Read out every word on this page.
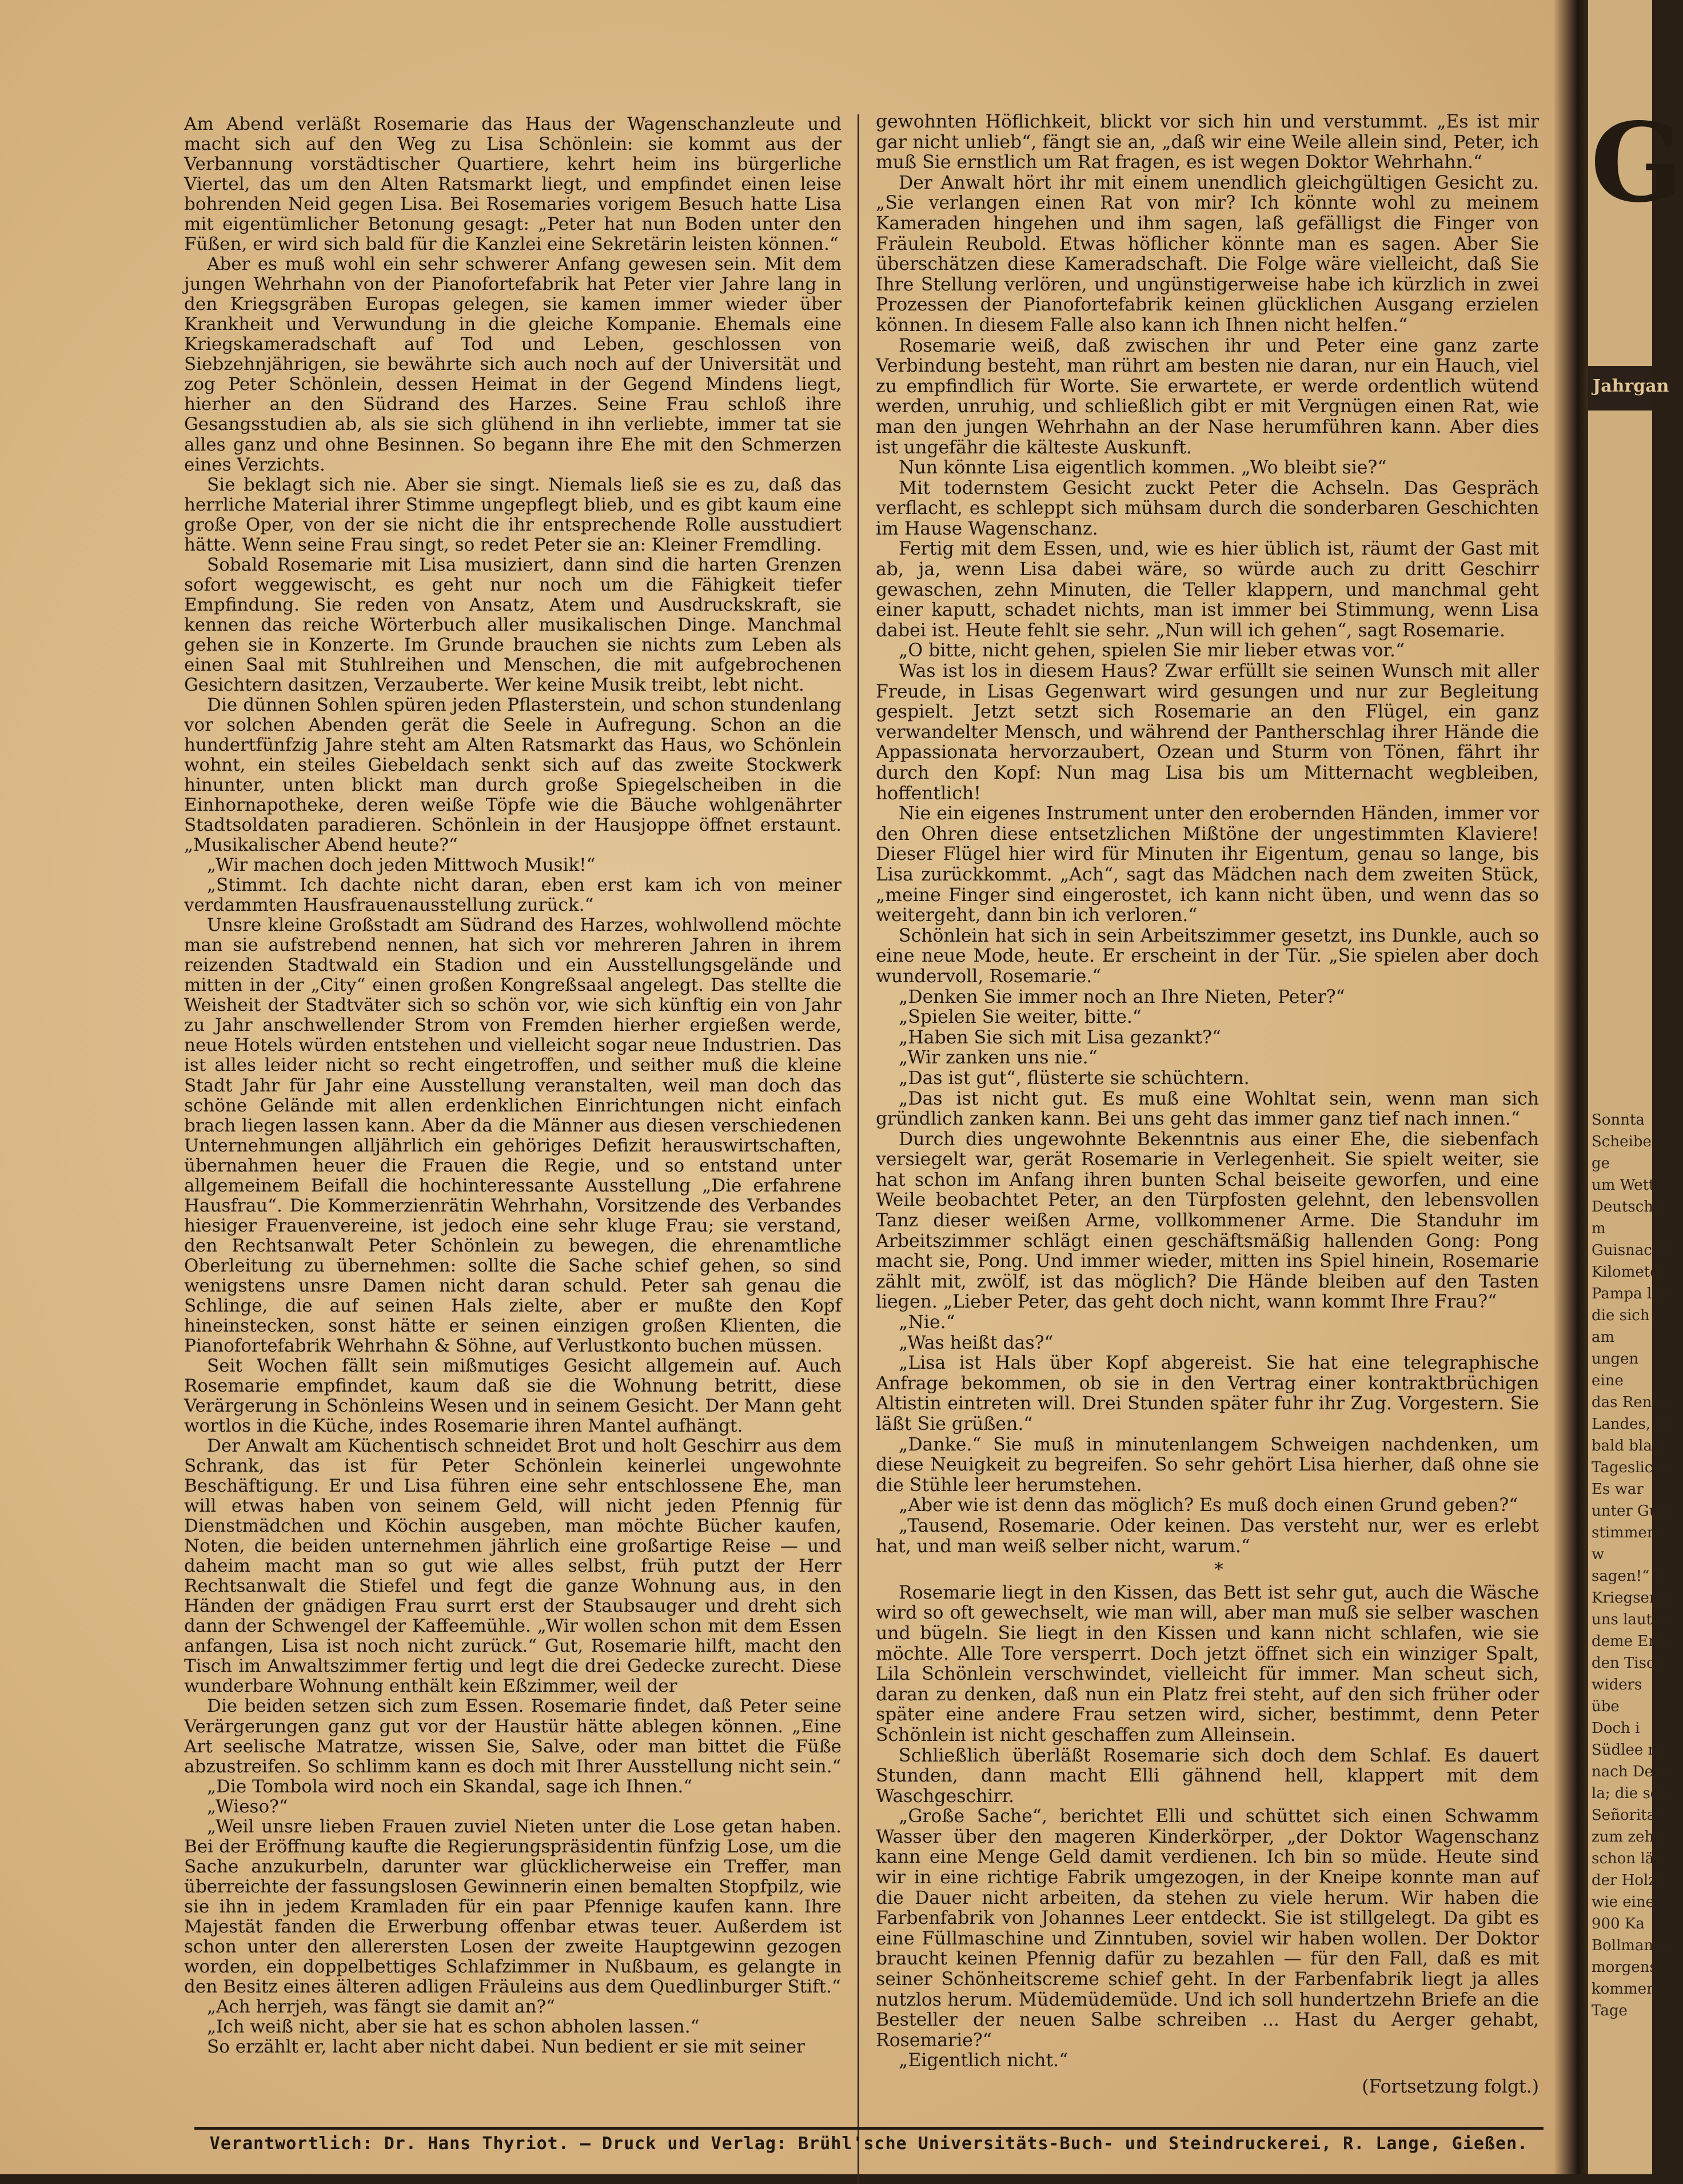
Am Abend verläßt Rosemarie das Haus der Wagenschanzleute und macht sich auf den Weg zu Lisa Schönlein: sie kommt aus der Verbannung vorstädtischer Quartiere, kehrt heim ins bürgerliche Viertel, das um den Alten Ratsmarkt liegt, und empfindet einen leise bohrenden Neid gegen Lisa. Bei Rosemaries vorigem Besuch hatte Lisa mit eigentümlicher Betonung gesagt: „Peter hat nun Boden unter den Füßen, er wird sich bald für die Kanzlei eine Sekretärin leisten können.“

Aber es muß wohl ein sehr schwerer Anfang gewesen sein. Mit dem jungen Wehrhahn von der Pianofortefabrik hat Peter vier Jahre lang in den Kriegsgräben Europas gelegen, sie kamen immer wieder über Krankheit und Verwundung in die gleiche Kompanie. Ehemals eine Kriegskameradschaft auf Tod und Leben, geschlossen von Siebzehnjährigen, sie bewährte sich auch noch auf der Universität und zog Peter Schönlein, dessen Heimat in der Gegend Mindens liegt, hierher an den Südrand des Harzes. Seine Frau schloß ihre Gesangsstudien ab, als sie sich glühend in ihn verliebte, immer tat sie alles ganz und ohne Besinnen. So begann ihre Ehe mit den Schmerzen eines Verzichts.

Sie beklagt sich nie. Aber sie singt. Niemals ließ sie es zu, daß das herrliche Material ihrer Stimme ungepflegt blieb, und es gibt kaum eine große Oper, von der sie nicht die ihr entsprechende Rolle ausstudiert hätte. Wenn seine Frau singt, so redet Peter sie an: Kleiner Fremdling.

Sobald Rosemarie mit Lisa musiziert, dann sind die harten Grenzen sofort weggewischt, es geht nur noch um die Fähigkeit tiefer Empfindung. Sie reden von Ansatz, Atem und Ausdruckskraft, sie kennen das reiche Wörterbuch aller musikalischen Dinge. Manchmal gehen sie in Konzerte. Im Grunde brauchen sie nichts zum Leben als einen Saal mit Stuhlreihen und Menschen, die mit aufgebrochenen Gesichtern dasitzen, Verzauberte. Wer keine Musik treibt, lebt nicht.

Die dünnen Sohlen spüren jeden Pflasterstein, und schon stundenlang vor solchen Abenden gerät die Seele in Aufregung. Schon an die hundertfünfzig Jahre steht am Alten Ratsmarkt das Haus, wo Schönlein wohnt, ein steiles Giebeldach senkt sich auf das zweite Stockwerk hinunter, unten blickt man durch große Spiegelscheiben in die Einhornapotheke, deren weiße Töpfe wie die Bäuche wohlgenährter Stadtsoldaten paradieren. Schönlein in der Hausjoppe öffnet erstaunt. „Musikalischer Abend heute?“

„Wir machen doch jeden Mittwoch Musik!“

„Stimmt. Ich dachte nicht daran, eben erst kam ich von meiner verdammten Hausfrauenausstellung zurück.“

Unsre kleine Großstadt am Südrand des Harzes, wohlwollend möchte man sie aufstrebend nennen, hat sich vor mehreren Jahren in ihrem reizenden Stadtwald ein Stadion und ein Ausstellungsgelände und mitten in der „City“ einen großen Kongreßsaal angelegt. Das stellte die Weisheit der Stadtväter sich so schön vor, wie sich künftig ein von Jahr zu Jahr anschwellender Strom von Fremden hierher ergießen werde, neue Hotels würden entstehen und vielleicht sogar neue Industrien. Das ist alles leider nicht so recht eingetroffen, und seither muß die kleine Stadt Jahr für Jahr eine Ausstellung veranstalten, weil man doch das schöne Gelände mit allen erdenklichen Einrichtungen nicht einfach brach liegen lassen kann. Aber da die Männer aus diesen verschiedenen Unternehmungen alljährlich ein gehöriges Defizit herauswirtschaften, übernahmen heuer die Frauen die Regie, und so entstand unter allgemeinem Beifall die hochinteressante Ausstellung „Die erfahrene Hausfrau“. Die Kommerzienrätin Wehrhahn, Vorsitzende des Verbandes hiesiger Frauenvereine, ist jedoch eine sehr kluge Frau; sie verstand, den Rechtsanwalt Peter Schönlein zu bewegen, die ehrenamtliche Oberleitung zu übernehmen: sollte die Sache schief gehen, so sind wenigstens unsre Damen nicht daran schuld. Peter sah genau die Schlinge, die auf seinen Hals zielte, aber er mußte den Kopf hineinstecken, sonst hätte er seinen einzigen großen Klienten, die Pianofortefabrik Wehrhahn & Söhne, auf Verlustkonto buchen müssen.

Seit Wochen fällt sein mißmutiges Gesicht allgemein auf. Auch Rosemarie empfindet, kaum daß sie die Wohnung betritt, diese Verärgerung in Schönleins Wesen und in seinem Gesicht. Der Mann geht wortlos in die Küche, indes Rosemarie ihren Mantel aufhängt.

Der Anwalt am Küchentisch schneidet Brot und holt Geschirr aus dem Schrank, das ist für Peter Schönlein keinerlei ungewohnte Beschäftigung. Er und Lisa führen eine sehr entschlossene Ehe, man will etwas haben von seinem Geld, will nicht jeden Pfennig für Dienstmädchen und Köchin ausgeben, man möchte Bücher kaufen, Noten, die beiden unternehmen jährlich eine großartige Reise — und daheim macht man so gut wie alles selbst, früh putzt der Herr Rechtsanwalt die Stiefel und fegt die ganze Wohnung aus, in den Händen der gnädigen Frau surrt erst der Staubsauger und dreht sich dann der Schwengel der Kaffeemühle. „Wir wollen schon mit dem Essen anfangen, Lisa ist noch nicht zurück.“ Gut, Rosemarie hilft, macht den Tisch im Anwaltszimmer fertig und legt die drei Gedecke zurecht. Diese wunderbare Wohnung enthält kein Eßzimmer, weil der

Die beiden setzen sich zum Essen. Rosemarie findet, daß Peter seine Verärgerungen ganz gut vor der Haustür hätte ablegen können. „Eine Art seelische Matratze, wissen Sie, Salve, oder man bittet die Füße abzustreifen. So schlimm kann es doch mit Ihrer Ausstellung nicht sein.“

„Die Tombola wird noch ein Skandal, sage ich Ihnen.“

„Wieso?“

„Weil unsre lieben Frauen zuviel Nieten unter die Lose getan haben. Bei der Eröffnung kaufte die Regierungspräsidentin fünfzig Lose, um die Sache anzukurbeln, darunter war glücklicherweise ein Treffer, man überreichte der fassungslosen Gewinnerin einen bemalten Stopfpilz, wie sie ihn in jedem Kramladen für ein paar Pfennige kaufen kann. Ihre Majestät fanden die Erwerbung offenbar etwas teuer. Außerdem ist schon unter den allerersten Losen der zweite Hauptgewinn gezogen worden, ein doppelbettiges Schlafzimmer in Nußbaum, es gelangte in den Besitz eines älteren adligen Fräuleins aus dem Quedlinburger Stift.“

„Ach herrjeh, was fängt sie damit an?“

„Ich weiß nicht, aber sie hat es schon abholen lassen.“

So erzählt er, lacht aber nicht dabei. Nun bedient er sie mit seiner

gewohnten Höflichkeit, blickt vor sich hin und verstummt. „Es ist mir gar nicht unlieb“, fängt sie an, „daß wir eine Weile allein sind, Peter, ich muß Sie ernstlich um Rat fragen, es ist wegen Doktor Wehrhahn.“

Der Anwalt hört ihr mit einem unendlich gleichgültigen Gesicht zu. „Sie verlangen einen Rat von mir? Ich könnte wohl zu meinem Kameraden hingehen und ihm sagen, laß gefälligst die Finger von Fräulein Reubold. Etwas höflicher könnte man es sagen. Aber Sie überschätzen diese Kameradschaft. Die Folge wäre vielleicht, daß Sie Ihre Stellung verlören, und ungünstigerweise habe ich kürzlich in zwei Prozessen der Pianofortefabrik keinen glücklichen Ausgang erzielen können. In diesem Falle also kann ich Ihnen nicht helfen.“

Rosemarie weiß, daß zwischen ihr und Peter eine ganz zarte Verbindung besteht, man rührt am besten nie daran, nur ein Hauch, viel zu empfindlich für Worte. Sie erwartete, er werde ordentlich wütend werden, unruhig, und schließlich gibt er mit Vergnügen einen Rat, wie man den jungen Wehrhahn an der Nase herumführen kann. Aber dies ist ungefähr die kälteste Auskunft.

Nun könnte Lisa eigentlich kommen. „Wo bleibt sie?“

Mit todernstem Gesicht zuckt Peter die Achseln. Das Gespräch verflacht, es schleppt sich mühsam durch die sonderbaren Geschichten im Hause Wagenschanz.

Fertig mit dem Essen, und, wie es hier üblich ist, räumt der Gast mit ab, ja, wenn Lisa dabei wäre, so würde auch zu dritt Geschirr gewaschen, zehn Minuten, die Teller klappern, und manchmal geht einer kaputt, schadet nichts, man ist immer bei Stimmung, wenn Lisa dabei ist. Heute fehlt sie sehr. „Nun will ich gehen“, sagt Rosemarie.

„O bitte, nicht gehen, spielen Sie mir lieber etwas vor.“

Was ist los in diesem Haus? Zwar erfüllt sie seinen Wunsch mit aller Freude, in Lisas Gegenwart wird gesungen und nur zur Begleitung gespielt. Jetzt setzt sich Rosemarie an den Flügel, ein ganz verwandelter Mensch, und während der Pantherschlag ihrer Hände die Appassionata hervorzaubert, Ozean und Sturm von Tönen, fährt ihr durch den Kopf: Nun mag Lisa bis um Mitternacht wegbleiben, hoffentlich!

Nie ein eigenes Instrument unter den erobernden Händen, immer vor den Ohren diese entsetzlichen Mißtöne der ungestimmten Klaviere! Dieser Flügel hier wird für Minuten ihr Eigentum, genau so lange, bis Lisa zurückkommt. „Ach“, sagt das Mädchen nach dem zweiten Stück, „meine Finger sind eingerostet, ich kann nicht üben, und wenn das so weitergeht, dann bin ich verloren.“

Schönlein hat sich in sein Arbeitszimmer gesetzt, ins Dunkle, auch so eine neue Mode, heute. Er erscheint in der Tür. „Sie spielen aber doch wundervoll, Rosemarie.“

„Denken Sie immer noch an Ihre Nieten, Peter?“

„Spielen Sie weiter, bitte.“

„Haben Sie sich mit Lisa gezankt?“

„Wir zanken uns nie.“

„Das ist gut“, flüsterte sie schüchtern.

„Das ist nicht gut. Es muß eine Wohltat sein, wenn man sich gründlich zanken kann. Bei uns geht das immer ganz tief nach innen.“

Durch dies ungewohnte Bekenntnis aus einer Ehe, die siebenfach versiegelt war, gerät Rosemarie in Verlegenheit. Sie spielt weiter, sie hat schon im Anfang ihren bunten Schal beiseite geworfen, und eine Weile beobachtet Peter, an den Türpfosten gelehnt, den lebensvollen Tanz dieser weißen Arme, vollkommener Arme. Die Standuhr im Arbeitszimmer schlägt einen geschäftsmäßig hallenden Gong: Pong macht sie, Pong. Und immer wieder, mitten ins Spiel hinein, Rosemarie zählt mit, zwölf, ist das möglich? Die Hände bleiben auf den Tasten liegen. „Lieber Peter, das geht doch nicht, wann kommt Ihre Frau?“

„Nie.“

„Was heißt das?“

„Lisa ist Hals über Kopf abgereist. Sie hat eine telegraphische Anfrage bekommen, ob sie in den Vertrag einer kontraktbrüchigen Altistin eintreten will. Drei Stunden später fuhr ihr Zug. Vorgestern. Sie läßt Sie grüßen.“

„Danke.“ Sie muß in minutenlangem Schweigen nachdenken, um diese Neuigkeit zu begreifen. So sehr gehört Lisa hierher, daß ohne sie die Stühle leer herumstehen.

„Aber wie ist denn das möglich? Es muß doch einen Grund geben?“

„Tausend, Rosemarie. Oder keinen. Das versteht nur, wer es erlebt hat, und man weiß selber nicht, warum.“

*

Rosemarie liegt in den Kissen, das Bett ist sehr gut, auch die Wäsche wird so oft gewechselt, wie man will, aber man muß sie selber waschen und bügeln. Sie liegt in den Kissen und kann nicht schlafen, wie sie möchte. Alle Tore versperrt. Doch jetzt öffnet sich ein winziger Spalt, Lila Schönlein verschwindet, vielleicht für immer. Man scheut sich, daran zu denken, daß nun ein Platz frei steht, auf den sich früher oder später eine andere Frau setzen wird, sicher, bestimmt, denn Peter Schönlein ist nicht geschaffen zum Alleinsein.

Schließlich überläßt Rosemarie sich doch dem Schlaf. Es dauert Stunden, dann macht Elli gähnend hell, klappert mit dem Waschgeschirr.

„Große Sache“, berichtet Elli und schüttet sich einen Schwamm Wasser über den mageren Kinderkörper, „der Doktor Wagenschanz kann eine Menge Geld damit verdienen. Ich bin so müde. Heute sind wir in eine richtige Fabrik umgezogen, in der Kneipe konnte man auf die Dauer nicht arbeiten, da stehen zu viele herum. Wir haben die Farbenfabrik von Johannes Leer entdeckt. Sie ist stillgelegt. Da gibt es eine Füllmaschine und Zinntuben, soviel wir haben wollen. Der Doktor braucht keinen Pfennig dafür zu bezahlen — für den Fall, daß es mit seiner Schönheitscreme schief geht. In der Farbenfabrik liegt ja alles nutzlos herum. Müdemüdemüde. Und ich soll hundertzehn Briefe an die Besteller der neuen Salbe schreiben ... Hast du Aerger gehabt, Rosemarie?“

„Eigentlich nicht.“

(Fortsetzung folgt.)
Verantwortlich: Dr. Hans Thyriot. — Druck und Verlag: Brühl'sche Universitäts-Buch- und Steindruckerei, R. Lange, Gießen.
G
Jahrgan
Sonnta
Scheibe ge
um Wett
Deutsche m
Guisnachb
Kilometer
Pampa lau
die sich am
ungen eine
das Renne
Landes, in
bald blau
Tageslicht.
Es war
unter Guts
stimmend w
sagen!“ (
Kriegserfil
uns laut u
deme Erle
den Tisch
widers übe
Doch i
Südlee no
nach Deut
la; die sch
Señorita!
zum zehn
schon län
der Holze
wie eine
900 Ka
Bollmanns
morgens
kommen
Tage
